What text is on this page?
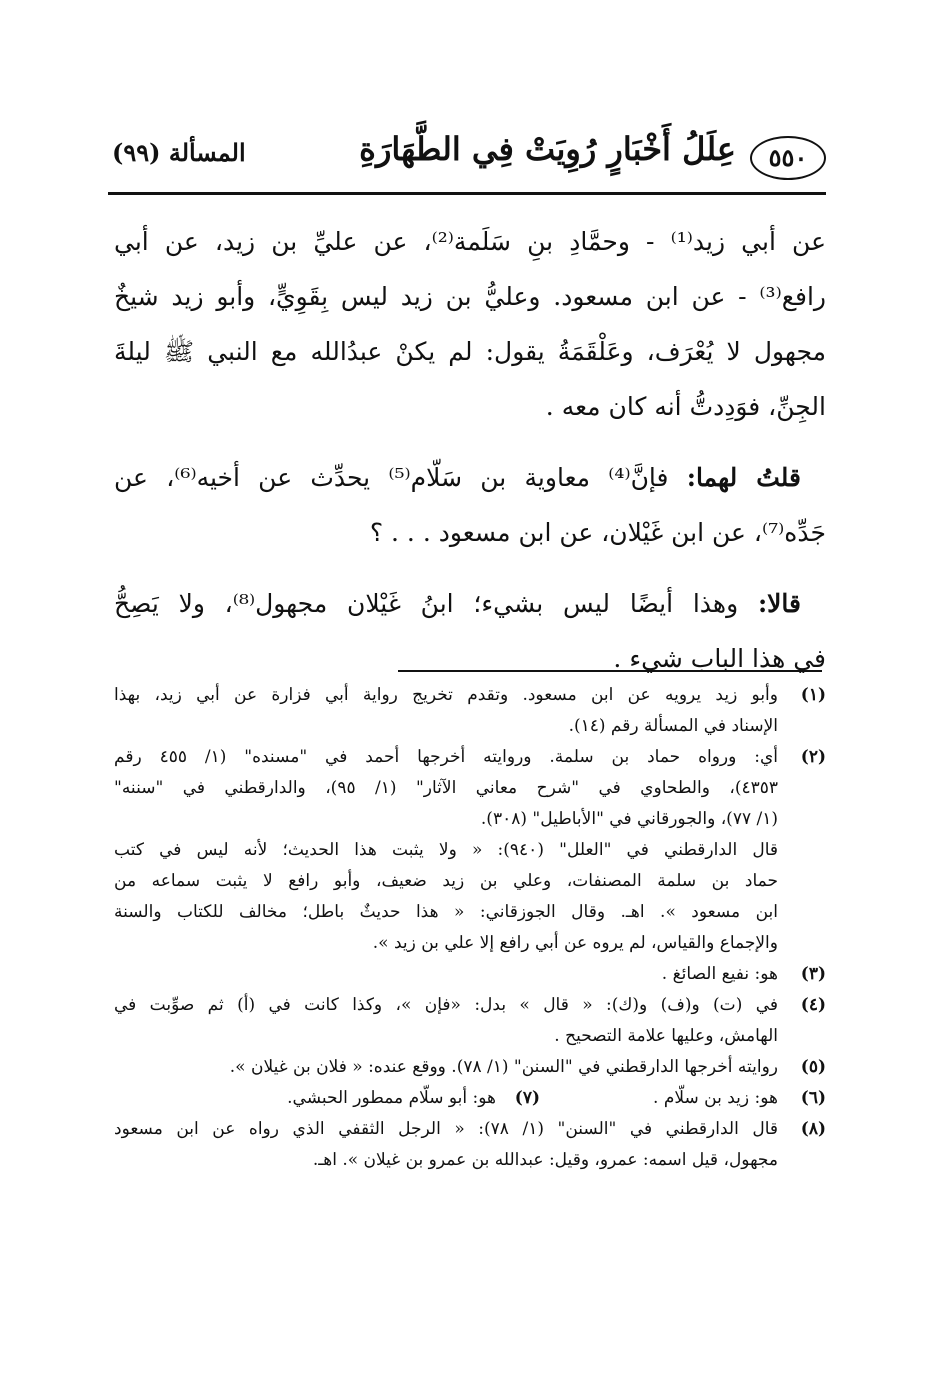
٥٥٠
عِلَلُ أَخْبَارٍ رُوِيَتْ فِي الطَّهَارَةِ
المسألة (٩٩)
عن أبي زيد⁽¹⁾ - وحمَّادِ بنِ سَلَمة⁽²⁾، عن عليِّ بن زيد، عن أبي
رافع⁽³⁾ - عن ابن مسعود. وعليُّ بن زيد ليس بِقَوِيٍّ، وأبو زيد شيخٌ
مجهول لا يُعْرَف، وعَلْقَمَةُ يقول: لم يكنْ عبدُالله مع النبي ﷺ ليلةَ
الجِنِّ، فوَدِدتُّ أنه كان معه .
 قلتُ لهما: فإنَّ⁽⁴⁾ معاوية بن سَلّام⁽⁵⁾ يحدِّث عن أخيه⁽⁶⁾، عن
جَدِّه⁽⁷⁾، عن ابن غَيْلان، عن ابن مسعود . . . ؟
 قالا: وهذا أيضًا ليس بشيء؛ ابنُ غَيْلان مجهول⁽⁸⁾، ولا يَصِحُّ
في هذا الباب شيء .
(١)
وأبو زيد يرويه عن ابن مسعود. وتقدم تخريج رواية أبي فزارة عن أبي زيد، بهذا
الإسناد في المسألة رقم (١٤).
(٢)
أي: ورواه حماد بن سلمة. وروايته أخرجها أحمد في "مسنده" (١/ ٤٥٥ رقم
٤٣٥٣)، والطحاوي في "شرح معاني الآثار" (١/ ٩٥)، والدارقطني في "سننه"
(١/ ٧٧)، والجورقاني في "الأباطيل" (٣٠٨).
قال الدارقطني في "العلل" (٩٤٠): « ولا يثبت هذا الحديث؛ لأنه ليس في كتب
حماد بن سلمة المصنفات، وعلي بن زيد ضعيف، وأبو رافع لا يثبت سماعه من
ابن مسعود ». اهـ. وقال الجوزقاني: « هذا حديثٌ باطل؛ مخالف للكتاب والسنة
والإجماع والقياس، لم يروه عن أبي رافع إلا علي بن زيد ».
(٣)
هو: نفيع الصائغ .
(٤)
في (ت) و(ف) و(ك): « قال » بدل: «فإن »، وكذا كانت في (أ) ثم صوِّبت في
الهامش، وعليها علامة التصحيح .
(٥)
روايته أخرجها الدارقطني في "السنن" (١/ ٧٨). ووقع عنده: « فلان بن غيلان ».
(٦)
هو: زيد بن سلّام .
(٧)
هو: أبو سلّام ممطور الحبشي.
(٨)
قال الدارقطني في "السنن" (١/ ٧٨): « الرجل الثقفي الذي رواه عن ابن مسعود
مجهول، قيل اسمه: عمرو، وقيل: عبدالله بن عمرو بن غيلان ». اهـ.
